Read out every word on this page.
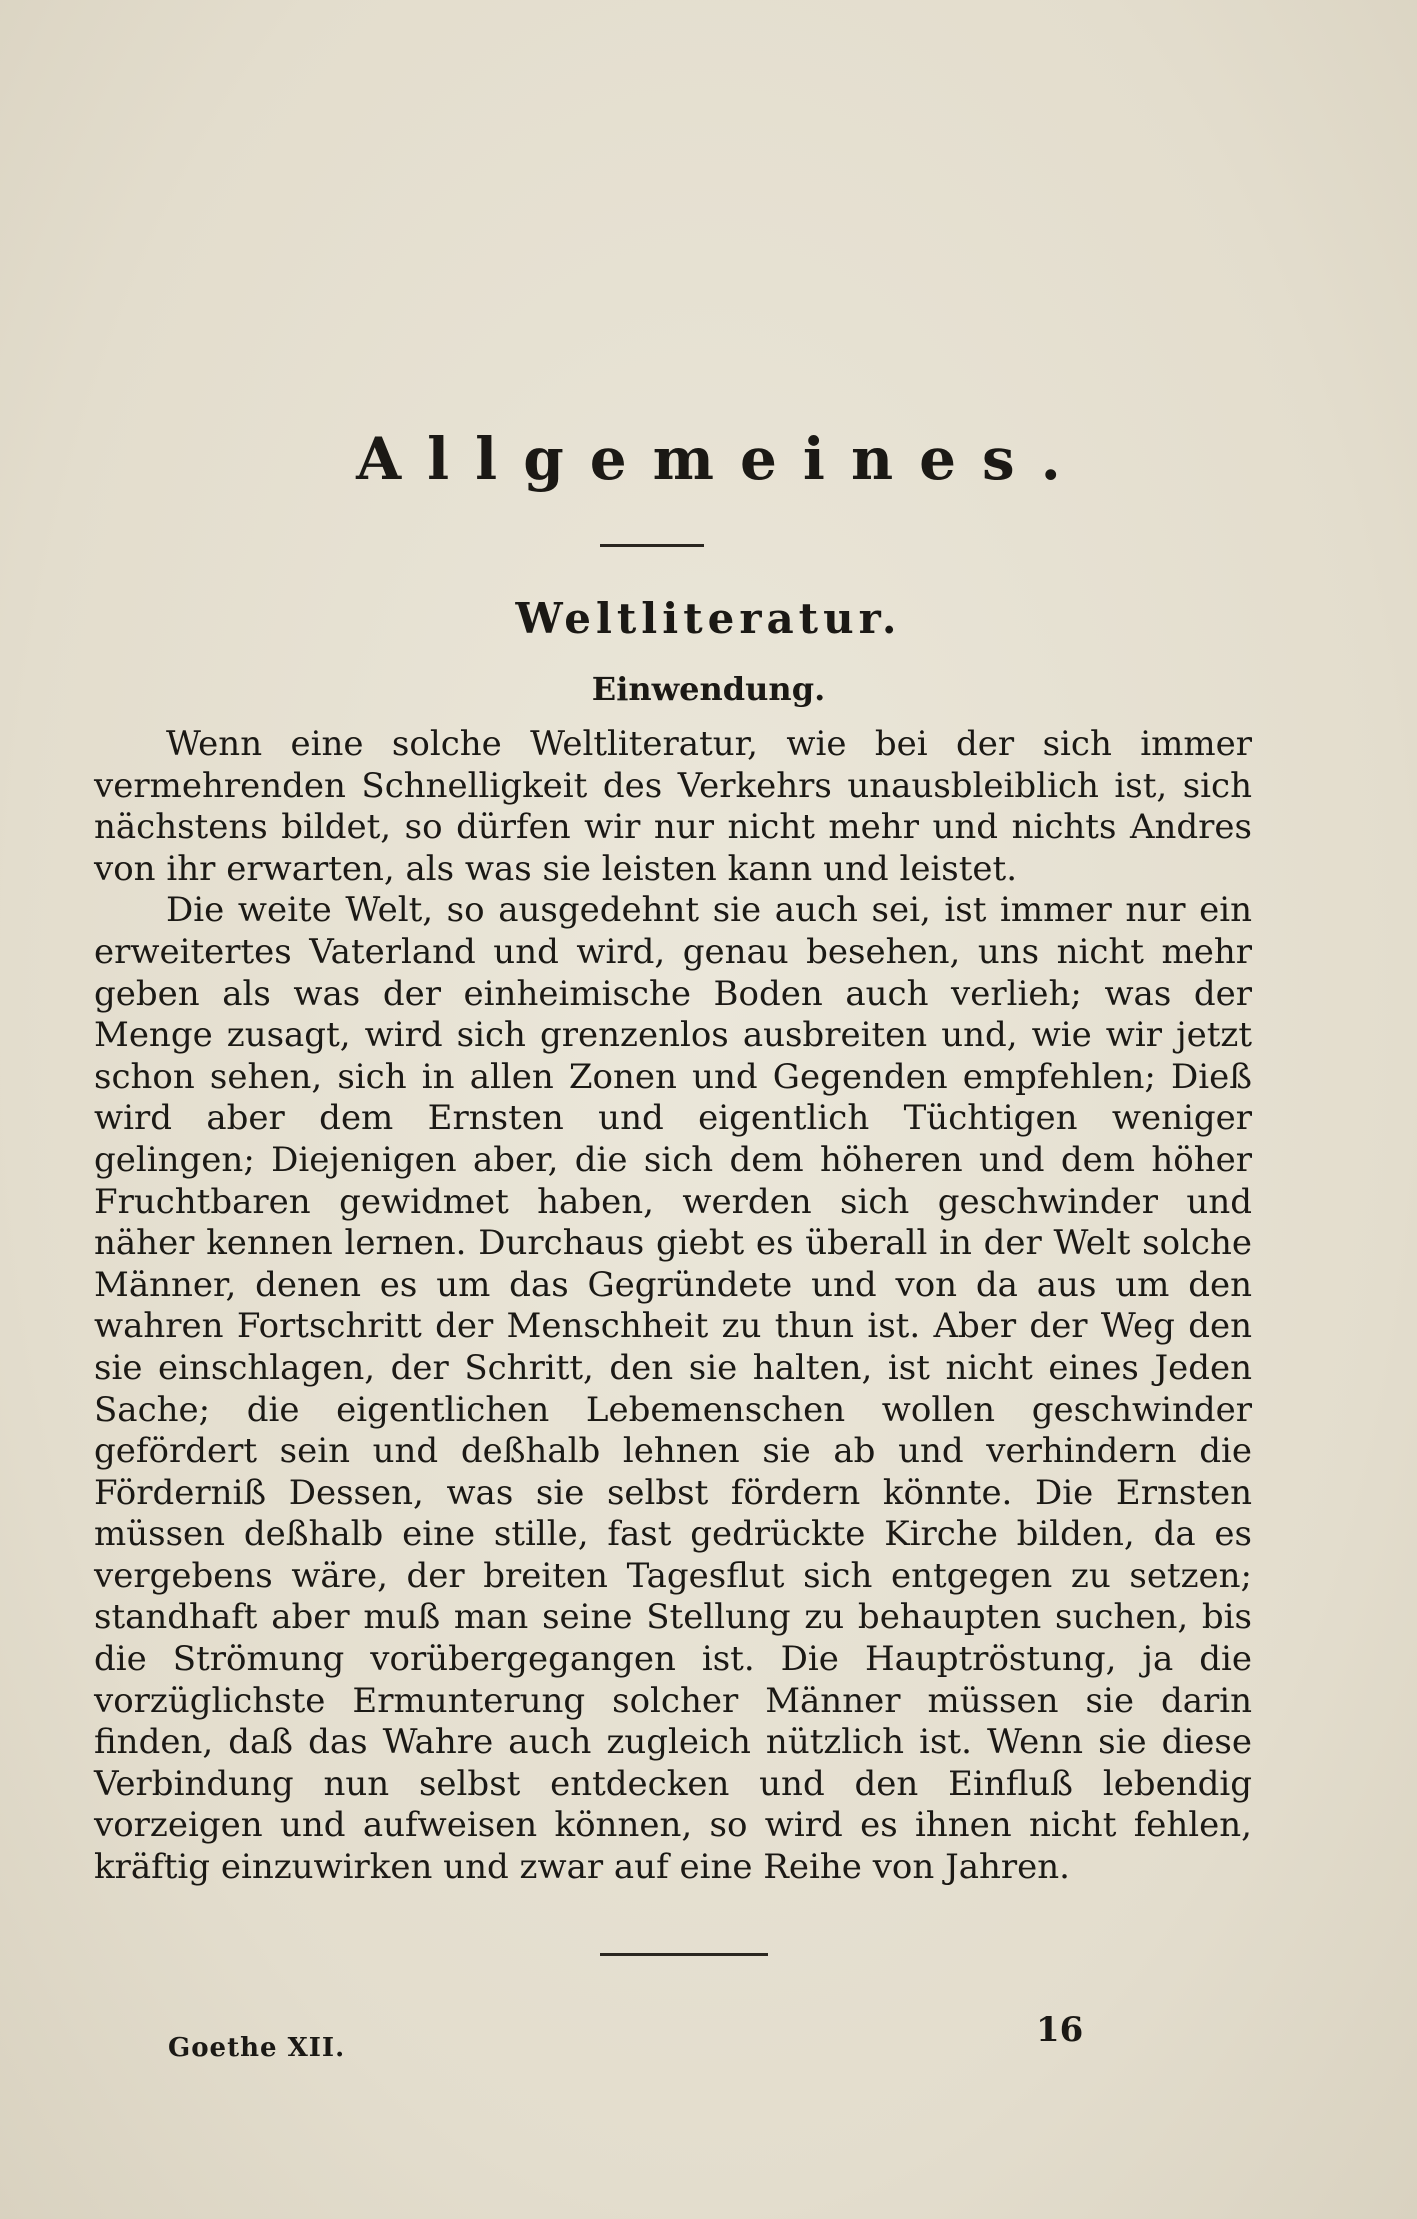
Allgemeines.
Weltliteratur.
Einwendung.

Wenn eine solche Weltliteratur, wie bei der sich immer vermehrenden Schnelligkeit des Verkehrs unausbleiblich ist, sich nächstens bildet, so dürfen wir nur nicht mehr und nichts Andres von ihr erwarten, als was sie leisten kann und leistet.

Die weite Welt, so ausgedehnt sie auch sei, ist immer nur ein erweitertes Vaterland und wird, genau besehen, uns nicht mehr geben als was der einheimische Boden auch verlieh; was der Menge zusagt, wird sich grenzenlos ausbreiten und, wie wir jetzt schon sehen, sich in allen Zonen und Gegenden empfehlen; Dieß wird aber dem Ernsten und eigentlich Tüchtigen weniger gelingen; Diejenigen aber, die sich dem höheren und dem höher Fruchtbaren gewidmet haben, werden sich geschwinder und näher kennen lernen. Durchaus giebt es überall in der Welt solche Männer, denen es um das Gegründete und von da aus um den wahren Fortschritt der Menschheit zu thun ist. Aber der Weg den sie einschlagen, der Schritt, den sie halten, ist nicht eines Jeden Sache; die eigentlichen Lebemenschen wollen geschwinder gefördert sein und deßhalb lehnen sie ab und verhindern die Förderniß Dessen, was sie selbst fördern könnte. Die Ernsten müssen deßhalb eine stille, fast gedrückte Kirche bilden, da es vergebens wäre, der breiten Tagesflut sich entgegen zu setzen; standhaft aber muß man seine Stellung zu behaupten suchen, bis die Strömung vorübergegangen ist. Die Hauptröstung, ja die vorzüglichste Ermunterung solcher Männer müssen sie darin finden, daß das Wahre auch zugleich nützlich ist. Wenn sie diese Verbindung nun selbst entdecken und den Einfluß lebendig vorzeigen und aufweisen können, so wird es ihnen nicht fehlen, kräftig einzuwirken und zwar auf eine Reihe von Jahren.

Goethe XII.	16
